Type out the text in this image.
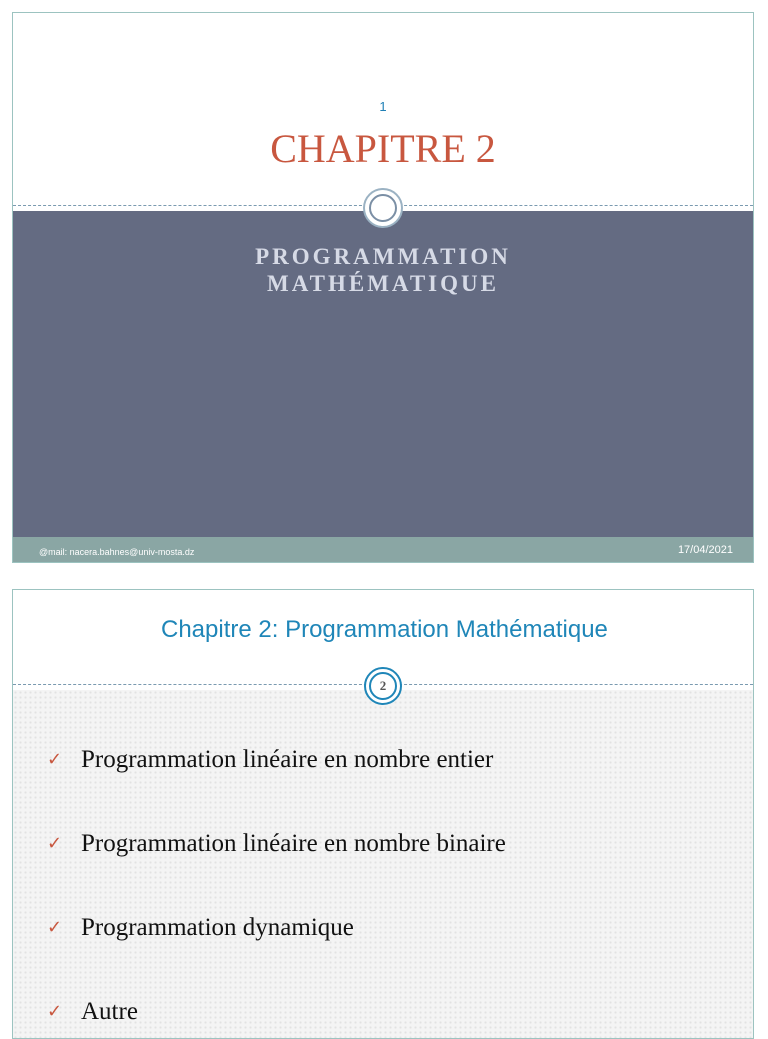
1
CHAPITRE 2
PROGRAMMATION
MATHÉMATIQUE
@mail: nacera.bahnes@univ-mosta.dz	17/04/2021
Chapitre 2: Programmation Mathématique
✓ Programmation linéaire en nombre entier
✓ Programmation linéaire en nombre binaire
✓ Programmation dynamique
✓ Autre
2
